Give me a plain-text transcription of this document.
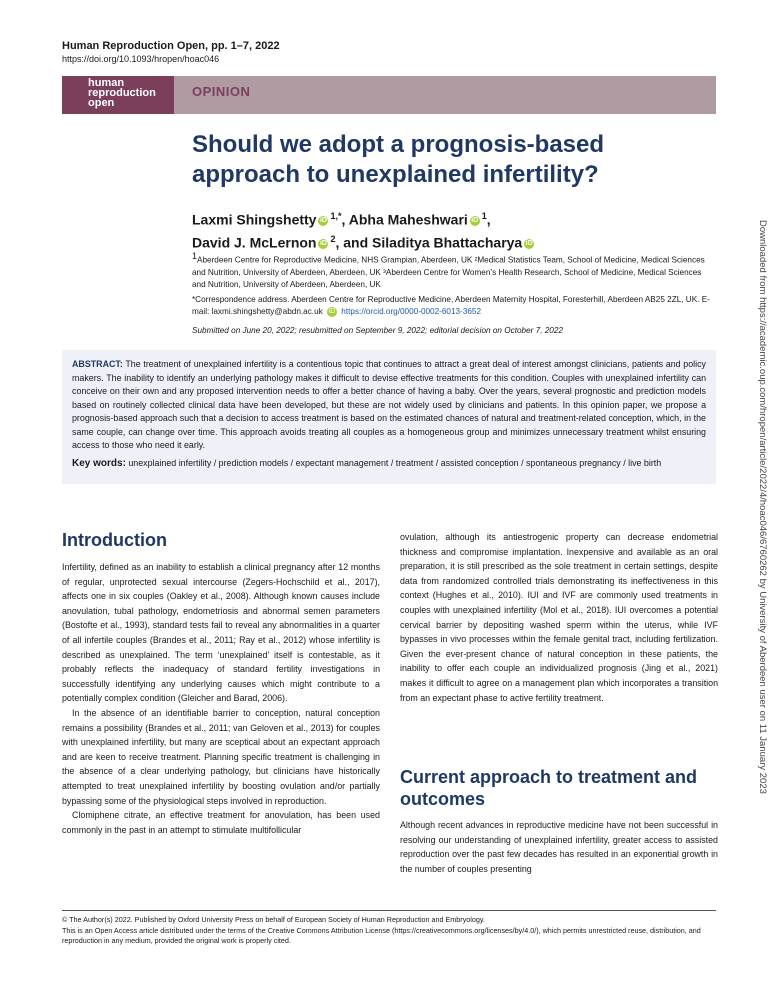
Human Reproduction Open, pp. 1–7, 2022
https://doi.org/10.1093/hropen/hoac046
human
reproduction
open
OPINION
Should we adopt a prognosis-based approach to unexplained infertility?
Laxmi Shingshetty iD $^{1,*}$, Abha Maheshwari iD $^1$,
David J. McLernon iD $^2$, and Siladitya Bhattacharya iD
$^1$Aberdeen Centre for Reproductive Medicine, NHS Grampian, Aberdeen, UK ²Medical Statistics Team, School of Medicine, Medical Sciences and Nutrition, University of Aberdeen, Aberdeen, UK ³Aberdeen Centre for Women’s Health Research, School of Medicine, Medical Sciences and Nutrition, University of Aberdeen, Aberdeen, UK
*Correspondence address. Aberdeen Centre for Reproductive Medicine, Aberdeen Maternity Hospital, Foresterhill, Aberdeen AB25 2ZL, UK. E-mail: laxmi.shingshetty@abdn.ac.uk iD https://orcid.org/0000-0002-6013-3652
Submitted on June 20, 2022; resubmitted on September 9, 2022; editorial decision on October 7, 2022
ABSTRACT: The treatment of unexplained infertility is a contentious topic that continues to attract a great deal of interest amongst clinicians, patients and policy makers. The inability to identify an underlying pathology makes it difficult to devise effective treatments for this condition. Couples with unexplained infertility can conceive on their own and any proposed intervention needs to offer a better chance of having a baby. Over the years, several prognostic and prediction models based on routinely collected clinical data have been developed, but these are not widely used by clinicians and patients. In this opinion paper, we propose a prognosis-based approach such that a decision to access treatment is based on the estimated chances of natural and treatment-related conception, which, in the same couple, can change over time. This approach avoids treating all couples as a homogeneous group and minimizes unnecessary treatment whilst ensuring access to those who need it early.
Key words: unexplained infertility / prediction models / expectant management / treatment / assisted conception / spontaneous pregnancy / live birth
Introduction

Infertility, defined as an inability to establish a clinical pregnancy after 12 months of regular, unprotected sexual intercourse (Zegers-Hochschild et al., 2017), affects one in six couples (Oakley et al., 2008). Although known causes include anovulation, tubal pathology, endometriosis and abnormal semen parameters (Bostofte et al., 1993), standard tests fail to reveal any abnormalities in a quarter of all infertile couples (Brandes et al., 2011; Ray et al., 2012) whose infertility is described as unexplained. The term ‘unexplained’ itself is contestable, as it probably reflects the inadequacy of standard fertility investigations in successfully identifying any underlying causes which might contribute to a potentially complex condition (Gleicher and Barad, 2006).

In the absence of an identifiable barrier to conception, natural conception remains a possibility (Brandes et al., 2011; van Geloven et al., 2013) for couples with unexplained infertility, but many are sceptical about an expectant approach and are keen to receive treatment. Planning specific treatment is challenging in the absence of a clear underlying pathology, but clinicians have historically attempted to treat unexplained infertility by boosting ovulation and/or partially bypassing some of the physiological steps involved in reproduction.

Clomiphene citrate, an effective treatment for anovulation, has been used commonly in the past in an attempt to stimulate multifollicular

ovulation, although its antiestrogenic property can decrease endometrial thickness and compromise implantation. Inexpensive and available as an oral preparation, it is still prescribed as the sole treatment in certain settings, despite data from randomized controlled trials demonstrating its ineffectiveness in this context (Hughes et al., 2010). IUI and IVF are commonly used treatments in couples with unexplained infertility (Mol et al., 2018). IUI overcomes a potential cervical barrier by depositing washed sperm within the uterus, while IVF bypasses in vivo processes within the female genital tract, including fertilization. Given the ever-present chance of natural conception in these patients, the inability to offer each couple an individualized prognosis (Jing et al., 2021) makes it difficult to agree on a management plan which incorporates a transition from an expectant phase to active fertility treatment.

Current approach to treatment and outcomes

Although recent advances in reproductive medicine have not been successful in resolving our understanding of unexplained infertility, greater access to assisted reproduction over the past few decades has resulted in an exponential growth in the number of couples presenting

© The Author(s) 2022. Published by Oxford University Press on behalf of European Society of Human Reproduction and Embryology.
This is an Open Access article distributed under the terms of the Creative Commons Attribution License (https://creativecommons.org/licenses/by/4.0/), which permits unrestricted reuse, distribution, and reproduction in any medium, provided the original work is properly cited.
Downloaded from https://academic.oup.com/hropen/article/2022/4/hoac046/6760262 by University of Aberdeen user on 11 January 2023
